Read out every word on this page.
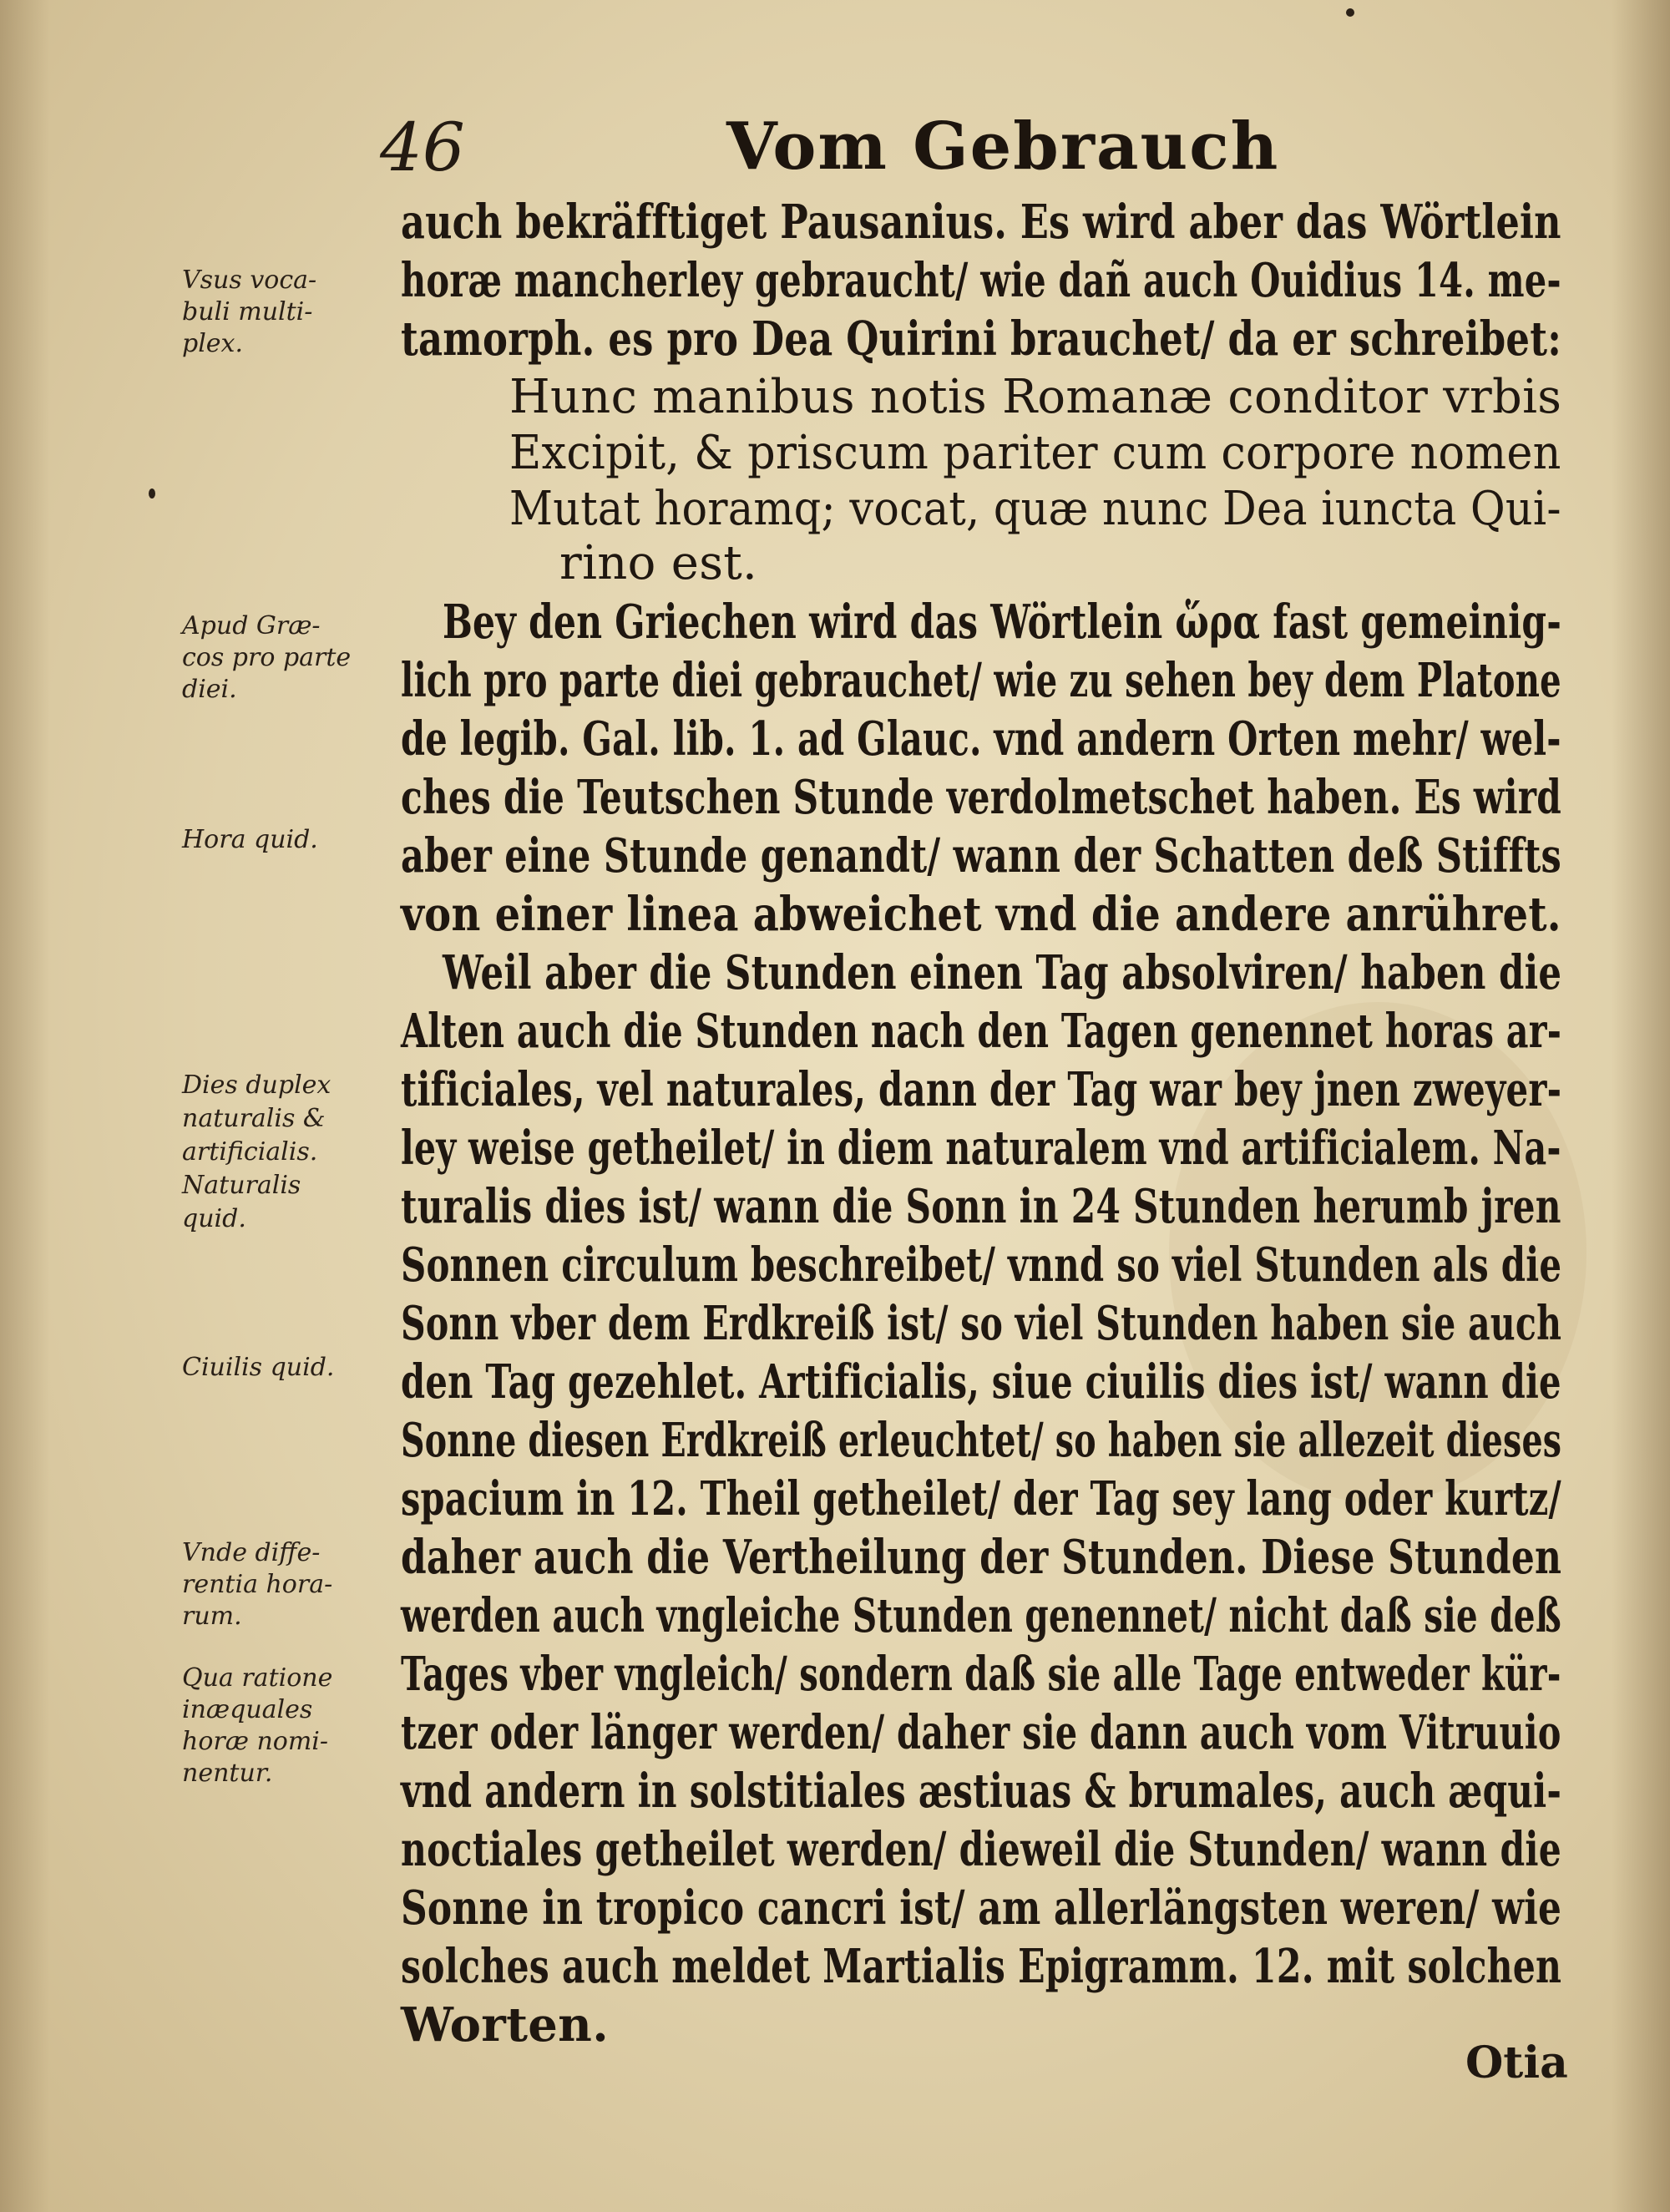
46	Vom Gebrauch
auch bekräfftiget Pausanius. Es wird aber das Wörtlein
horæ mancherley gebraucht/ wie dañ auch Ouidius 14. me-
tamorph. es pro Dea Quirini brauchet/ da er schreibet:
Hunc manibus notis Romanæ conditor vrbis
Excipit, & priscum pariter cum corpore nomen
Mutat horamq; vocat, quæ nunc Dea iuncta Qui-
rino est.
Bey den Griechen wird das Wörtlein ὥρα fast gemeinig-
lich pro parte diei gebrauchet/ wie zu sehen bey dem Platone
de legib. Gal. lib. 1. ad Glauc. vnd andern Orten mehr/ wel-
ches die Teutschen Stunde verdolmetschet haben. Es wird
aber eine Stunde genandt/ wann der Schatten deß Stiffts
von einer linea abweichet vnd die andere anrühret.
Weil aber die Stunden einen Tag absolviren/ haben die
Alten auch die Stunden nach den Tagen genennet horas ar-
tificiales, vel naturales, dann der Tag war bey jnen zweyer-
ley weise getheilet/ in diem naturalem vnd artificialem. Na-
turalis dies ist/ wann die Sonn in 24 Stunden herumb jren
Sonnen circulum beschreibet/ vnnd so viel Stunden als die
Sonn vber dem Erdkreiß ist/ so viel Stunden haben sie auch
den Tag gezehlet. Artificialis, siue ciuilis dies ist/ wann die
Sonne diesen Erdkreiß erleuchtet/ so haben sie allezeit dieses
spacium in 12. Theil getheilet/ der Tag sey lang oder kurtz/
daher auch die Vertheilung der Stunden. Diese Stunden
werden auch vngleiche Stunden genennet/ nicht daß sie deß
Tages vber vngleich/ sondern daß sie alle Tage entweder kür-
tzer oder länger werden/ daher sie dann auch vom Vitruuio
vnd andern in solstitiales æstiuas & brumales, auch æqui-
noctiales getheilet werden/ dieweil die Stunden/ wann die
Sonne in tropico cancri ist/ am allerlängsten weren/ wie
solches auch meldet Martialis Epigramm. 12. mit solchen
Worten.
Vsus voca-
buli multi-
plex.
Apud Græ-
cos pro parte
diei.
Hora quid.
Dies duplex
naturalis &
artificialis.
Naturalis
quid.
Ciuilis quid.
Vnde diffe-
rentia hora-
rum.
Qua ratione
inæquales
horæ nomi-
nentur.
Otia
